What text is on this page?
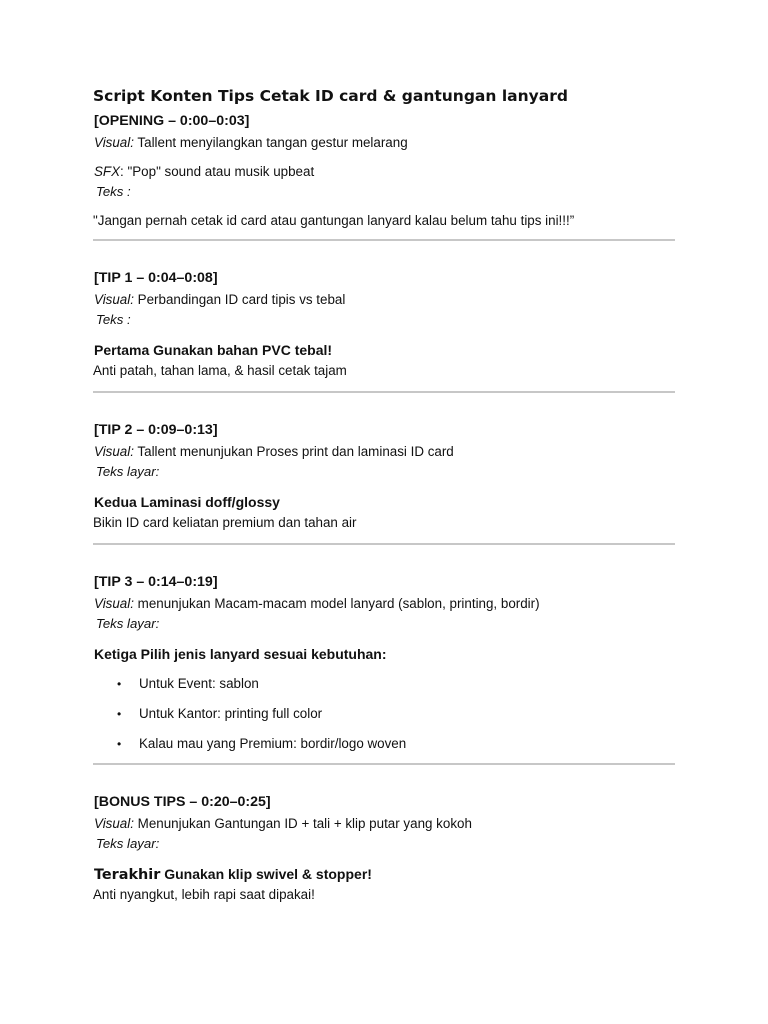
Script Konten Tips Cetak ID card & gantungan lanyard
[OPENING – 0:00–0:03]
Visual: Tallent menyilangkan tangan gestur melarang
SFX: "Pop" sound atau musik upbeat
Teks :
"Jangan pernah cetak id card atau gantungan lanyard kalau belum tahu tips ini!!!”
[TIP 1 – 0:04–0:08]
Visual: Perbandingan ID card tipis vs tebal
Teks :
Pertama Gunakan bahan PVC tebal!
Anti patah, tahan lama, & hasil cetak tajam
[TIP 2 – 0:09–0:13]
Visual: Tallent menunjukan Proses print dan laminasi ID card
Teks layar:
Kedua Laminasi doff/glossy
Bikin ID card keliatan premium dan tahan air
[TIP 3 – 0:14–0:19]
Visual: menunjukan Macam-macam model lanyard (sablon, printing, bordir)
Teks layar:
Ketiga Pilih jenis lanyard sesuai kebutuhan:
• Untuk Event: sablon
• Untuk Kantor: printing full color
• Kalau mau yang Premium: bordir/logo woven
[BONUS TIPS – 0:20–0:25]
Visual: Menunjukan Gantungan ID + tali + klip putar yang kokoh
Teks layar:
Terakhir Gunakan klip swivel & stopper!
Anti nyangkut, lebih rapi saat dipakai!
